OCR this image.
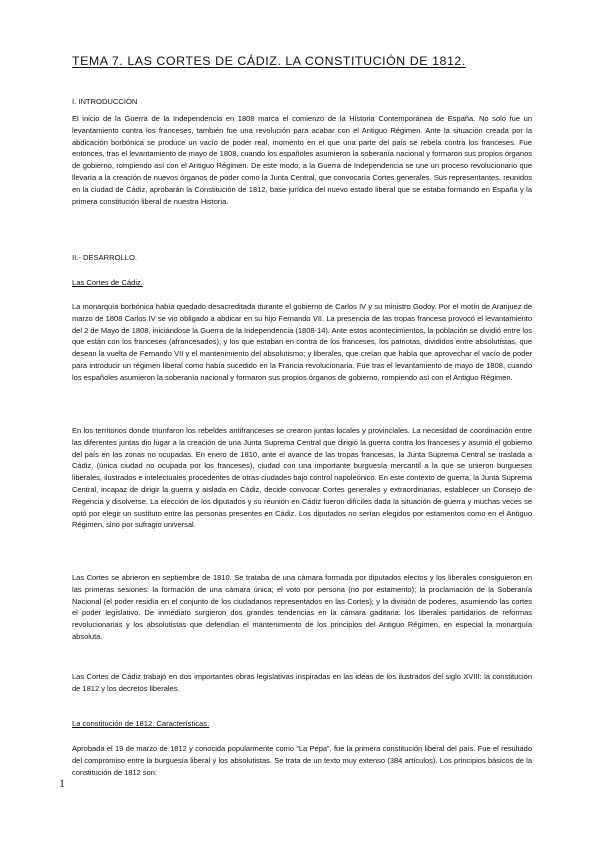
TEMA 7. LAS CORTES DE CÁDIZ. LA CONSTITUCIÓN DE 1812.
I. INTRODUCCIÓN
El inicio de la Guerra de la Independencia en 1808 marca el comienzo de la Historia Contemporánea de España. No solo fue un levantamiento contra los franceses, también fue una revolución para acabar con el Antiguo Régimen. Ante la situación creada por la abdicación borbónica se produce un vacío de poder real, momento en el que una parte del país se rebela contra los franceses. Fue entonces, tras el levantamiento de mayo de 1808, cuando los españoles asumieron la soberanía nacional y formaron sus propios órganos de gobierno, rompiendo así con el Antiguo Régimen. De este modo, a la Guerra de Independencia se une un proceso revolucionario que llevaría a la creación de nuevos órganos de poder como la Junta Central, que convocaría Cortes generales. Sus representantes, reunidos en la ciudad de Cádiz, aprobarán la Constitución de 1812, base jurídica del nuevo estado liberal que se estaba formando en España y la primera constitución liberal de nuestra Historia.
II.- DESARROLLO.
Las Cortes de Cádiz.
La monarquía borbónica había quedado desacreditada durante el gobierno de Carlos IV y su ministro Godoy. Por el motín de Aranjuez de marzo de 1808 Carlos IV se vio obligado a abdicar en su hijo Fernando VII. La presencia de las tropas francesa provocó el levantamiento del 2 de Mayo de 1808, iniciándose la Guerra de la Independencia (1808-14). Ante estos acontecimientos, la población se dividió entre los que están con los franceses (afrancesados); y los que estaban en contra de los franceses, los patriotas, divididos entre absolutistas, que desean la vuelta de Fernando VII y el mantenimiento del absolutismo; y liberales, que creían que había que aprovechar el vacío de poder para introducir un régimen liberal como había sucedido en la Francia revolucionaria. Fue tras el levantamiento de mayo de 1808, cuando los españoles asumieron la soberanía nacional y formaron sus propios órganos de gobierno, rompiendo así con el Antiguo Régimen.
En los territorios donde triunfaron los rebeldes antifranceses se crearon juntas locales y provinciales. La necesidad de coordinación entre las diferentes juntas dio lugar a la creación de una Junta Suprema Central que dirigió la guerra contra los franceses y asumió el gobierno del país en las zonas no ocupadas. En enero de 1810, ante el avance de las tropas francesas, la Junta Suprema Central se traslada a Cádiz, (única ciudad no ocupada por los franceses), ciudad con una importante burguesía mercantil a la que se unieron burgueses liberales, ilustrados e intelectuales procedentes de otras ciudades bajo control napoleónico. En este contexto de guerra, la Junta Suprema Central, incapaz de dirigir la guerra y aislada en Cádiz, decide convocar Cortes generales y extraordinarias, establecer un Consejo de Regencia y disolverse. La elección de los diputados y su reunión en Cádiz fueron difíciles dada la situación de guerra y muchas veces se optó por elegir un sustituto entre las personas presentes en Cádiz. Los diputados no serían elegidos por estamentos como en el Antiguo Régimen, sino por sufragio universal.
Las Cortes se abrieron en septiembre de 1810. Se trataba de una cámara formada por diputados electos y los liberales consiguieron en las primeras sesiones: la formación de una cámara única; el voto por persona (no por estamento); la proclamación de la Soberanía Nacional (el poder residía en el conjunto de los ciudadanos representados en las Cortes); y la división de poderes, asumiendo las cortes el poder legislativo. De inmediato surgieron dos grandes tendencias en la cámara gaditana: los liberales partidarios de reformas revolucionarias y los absolutistas que defendían el mantenimiento de los principios del Antiguo Régimen, en especial la monarquía absoluta.
Las Cortes de Cádiz trabajó en dos importantes obras legislativas inspiradas en las ideas de los ilustrados del siglo XVIII: la constitución de 1812 y los decretos liberales.
La constitución de 1812. Características.
Aprobada el 19 de marzo de 1812 y conocida popularmente como “La Pepa”, fue la primera constitución liberal del país. Fue el resultado del compromiso entre la burguesía liberal y los absolutistas. Se trata de un texto muy extenso (384 artículos). Los principios básicos de la constitución de 1812 son:
1
